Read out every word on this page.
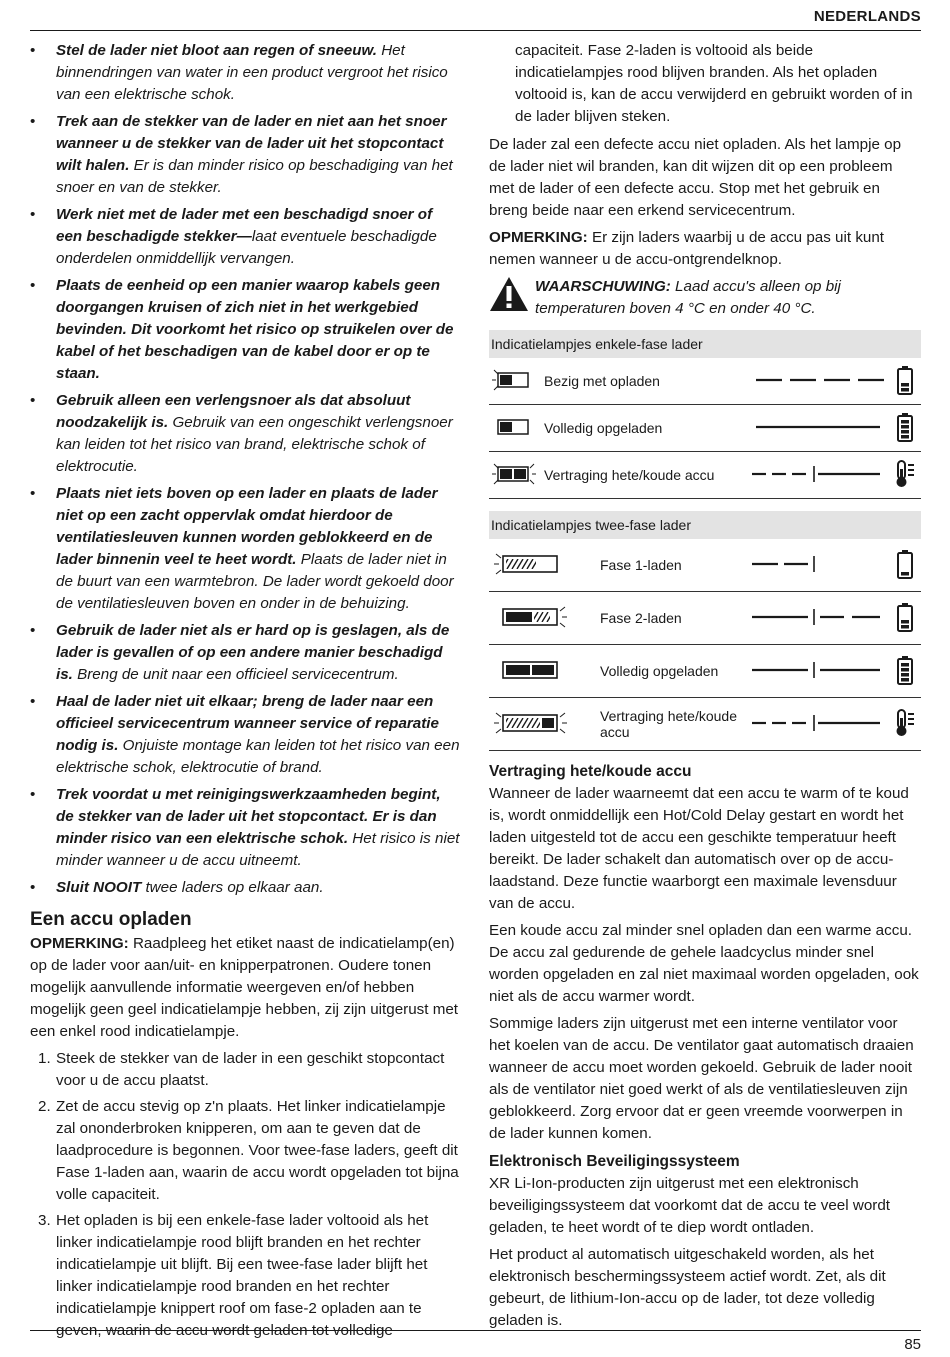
NEDERLANDS
• Stel de lader niet bloot aan regen of sneeuw. Het binnendringen van water in een product vergroot het risico van een elektrische schok.
• Trek aan de stekker van de lader en niet aan het snoer wanneer u de stekker van de lader uit het stopcontact wilt halen. Er is dan minder risico op beschadiging van het snoer en van de stekker.
• Werk niet met de lader met een beschadigd snoer of een beschadigde stekker—laat eventuele beschadigde onderdelen onmiddellijk vervangen.
• Plaats de eenheid op een manier waarop kabels geen doorgangen kruisen of zich niet in het werkgebied bevinden. Dit voorkomt het risico op struikelen over de kabel of het beschadigen van de kabel door er op te staan.
• Gebruik alleen een verlengsnoer als dat absoluut noodzakelijk is. Gebruik van een ongeschikt verlengsnoer kan leiden tot het risico van brand, elektrische schok of elektrocutie.
• Plaats niet iets boven op een lader en plaats de lader niet op een zacht oppervlak omdat hierdoor de ventilatiesleuven kunnen worden geblokkeerd en de lader binnenin veel te heet wordt. Plaats de lader niet in de buurt van een warmtebron. De lader wordt gekoeld door de ventilatiesleuven boven en onder in de behuizing.
• Gebruik de lader niet als er hard op is geslagen, als de lader is gevallen of op een andere manier beschadigd is. Breng de unit naar een officieel servicecentrum.
• Haal de lader niet uit elkaar; breng de lader naar een officieel servicecentrum wanneer service of reparatie nodig is. Onjuiste montage kan leiden tot het risico van een elektrische schok, elektrocutie of brand.
• Trek voordat u met reinigingswerkzaamheden begint, de stekker van de lader uit het stopcontact. Er is dan minder risico van een elektrische schok. Het risico is niet minder wanneer u de accu uitneemt.
• Sluit NOOIT twee laders op elkaar aan.
Een accu opladen

OPMERKING: Raadpleeg het etiket naast de indicatielamp(en) op de lader voor aan/uit- en knipperpatronen. Oudere tonen mogelijk aanvullende informatie weergeven en/of hebben mogelijk geen geel indicatielampje hebben, zij zijn uitgerust met een enkel rood indicatielampje.

1. Steek de stekker van de lader in een geschikt stopcontact voor u de accu plaatst.
2. Zet de accu stevig op z'n plaats. Het linker indicatielampje zal ononderbroken knipperen, om aan te geven dat de laadprocedure is begonnen. Voor twee-fase laders, geeft dit Fase 1-laden aan, waarin de accu wordt opgeladen tot bijna volle capaciteit.
3. Het opladen is bij een enkele-fase lader voltooid als het linker indicatielampje rood blijft branden en het rechter indicatielampje uit blijft. Bij een twee-fase lader blijft het linker indicatielampje rood branden en het rechter indicatielampje knippert roof om fase-2 opladen aan te geven, waarin de accu wordt geladen tot volledige
capaciteit. Fase 2-laden is voltooid als beide indicatielampjes rood blijven branden. Als het opladen voltooid is, kan de accu verwijderd en gebruikt worden of in de lader blijven steken.

De lader zal een defecte accu niet opladen. Als het lampje op de lader niet wil branden, kan dit wijzen dit op een probleem met de lader of een defecte accu. Stop met het gebruik en breng beide naar een erkend servicecentrum.

OPMERKING: Er zijn laders waarbij u de accu pas uit kunt nemen wanneer u de accu-ontgrendelknop.

WAARSCHUWING: Laad accu's alleen op bij temperaturen boven 4 °C en onder 40 °C.
Indicatielampjes enkele-fase lader			
	Bezig met opladen		
	Volledig opgeladen		
	Vertraging hete/koude accu		
Indicatielampjes twee-fase lader			
	Fase 1-laden		
	Fase 2-laden		
	Volledig opgeladen		
	Vertraging hete/koude accu		
Vertraging hete/koude accu

Wanneer de lader waarneemt dat een accu te warm of te koud is, wordt onmiddellijk een Hot/Cold Delay gestart en wordt het laden uitgesteld tot de accu een geschikte temperatuur heeft bereikt. De lader schakelt dan automatisch over op de accu-laadstand. Deze functie waarborgt een maximale levensduur van de accu.

Een koude accu zal minder snel opladen dan een warme accu. De accu zal gedurende de gehele laadcyclus minder snel worden opgeladen en zal niet maximaal worden opgeladen, ook niet als de accu warmer wordt.

Sommige laders zijn uitgerust met een interne ventilator voor het koelen van de accu. De ventilator gaat automatisch draaien wanneer de accu moet worden gekoeld. Gebruik de lader nooit als de ventilator niet goed werkt of als de ventilatiesleuven zijn geblokkeerd. Zorg ervoor dat er geen vreemde voorwerpen in de lader kunnen komen.

Elektronisch Beveiligingssysteem

XR Li-Ion-producten zijn uitgerust met een elektronisch beveiligingssysteem dat voorkomt dat de accu te veel wordt geladen, te heet wordt of te diep wordt ontladen.

Het product al automatisch uitgeschakeld worden, als het elektronisch beschermingssysteem actief wordt. Zet, als dit gebeurt, de lithium-Ion-accu op de lader, tot deze volledig geladen is.

85
